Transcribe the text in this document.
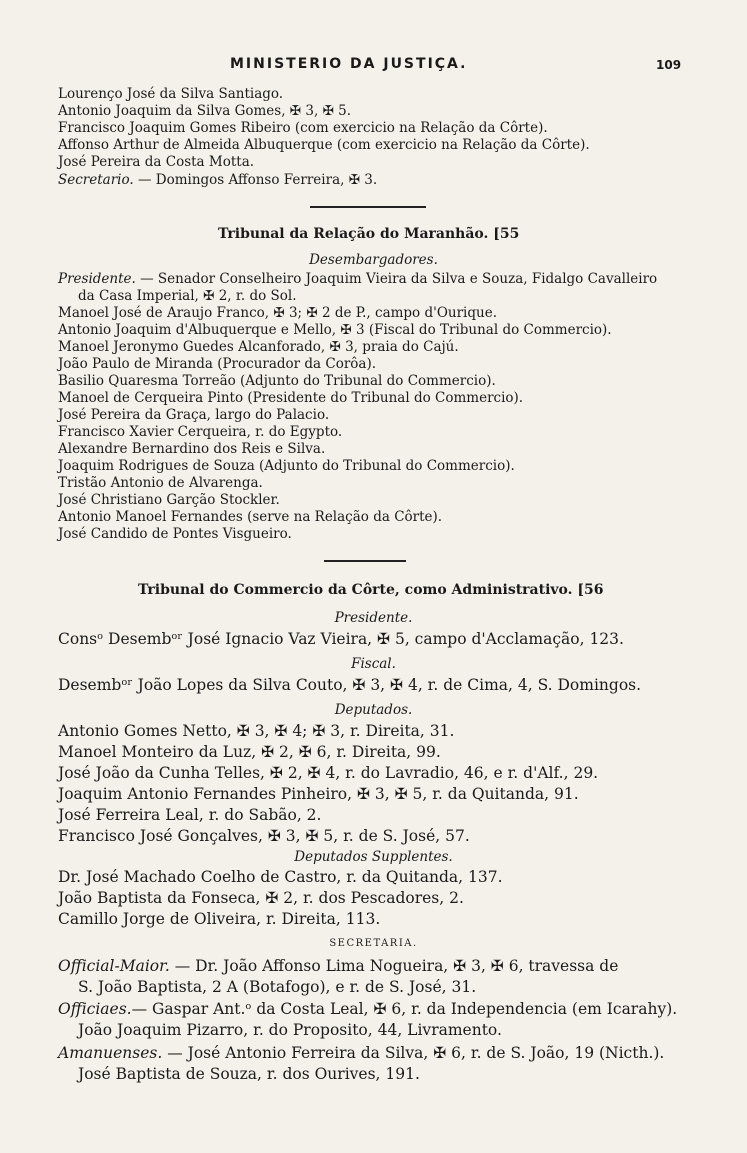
MINISTERIO DA JUSTIÇA.	109
Lourenço José da Silva Santiago.
Antonio Joaquim da Silva Gomes, ✠ 3, ✠ 5.
Francisco Joaquim Gomes Ribeiro (com exercicio na Relação da Côrte).
Affonso Arthur de Almeida Albuquerque (com exercicio na Relação da Côrte).
José Pereira da Costa Motta.
Secretario. — Domingos Affonso Ferreira, ✠ 3.
Tribunal da Relação do Maranhão. [55
Desembargadores.
Presidente. — Senador Conselheiro Joaquim Vieira da Silva e Souza, Fidalgo Cavalleiro
da Casa Imperial, ✠ 2, r. do Sol.
Manoel José de Araujo Franco, ✠ 3; ✠ 2 de P., campo d'Ourique.
Antonio Joaquim d'Albuquerque e Mello, ✠ 3 (Fiscal do Tribunal do Commercio).
Manoel Jeronymo Guedes Alcanforado, ✠ 3, praia do Cajú.
João Paulo de Miranda (Procurador da Corôa).
Basilio Quaresma Torreão (Adjunto do Tribunal do Commercio).
Manoel de Cerqueira Pinto (Presidente do Tribunal do Commercio).
José Pereira da Graça, largo do Palacio.
Francisco Xavier Cerqueira, r. do Egypto.
Alexandre Bernardino dos Reis e Silva.
Joaquim Rodrigues de Souza (Adjunto do Tribunal do Commercio).
Tristão Antonio de Alvarenga.
José Christiano Garção Stockler.
Antonio Manoel Fernandes (serve na Relação da Côrte).
José Candido de Pontes Visgueiro.
Tribunal do Commercio da Côrte, como Administrativo. [56
Presidente.
Consᵒ Desembᵒʳ José Ignacio Vaz Vieira, ✠ 5, campo d'Acclamação, 123.
Fiscal.
Desembᵒʳ João Lopes da Silva Couto, ✠ 3, ✠ 4, r. de Cima, 4, S. Domingos.
Deputados.
Antonio Gomes Netto, ✠ 3, ✠ 4; ✠ 3, r. Direita, 31.
Manoel Monteiro da Luz, ✠ 2, ✠ 6, r. Direita, 99.
José João da Cunha Telles, ✠ 2, ✠ 4, r. do Lavradio, 46, e r. d'Alf., 29.
Joaquim Antonio Fernandes Pinheiro, ✠ 3, ✠ 5, r. da Quitanda, 91.
José Ferreira Leal, r. do Sabão, 2.
Francisco José Gonçalves, ✠ 3, ✠ 5, r. de S. José, 57.
Deputados Supplentes.
Dr. José Machado Coelho de Castro, r. da Quitanda, 137.
João Baptista da Fonseca, ✠ 2, r. dos Pescadores, 2.
Camillo Jorge de Oliveira, r. Direita, 113.
SECRETARIA.
Official-Maior. — Dr. João Affonso Lima Nogueira, ✠ 3, ✠ 6, travessa de
S. João Baptista, 2 A (Botafogo), e r. de S. José, 31.
Officiaes.— Gaspar Ant.ᵒ da Costa Leal, ✠ 6, r. da Independencia (em Icarahy).
João Joaquim Pizarro, r. do Proposito, 44, Livramento.
Amanuenses. — José Antonio Ferreira da Silva, ✠ 6, r. de S. João, 19 (Nicth.).
José Baptista de Souza, r. dos Ourives, 191.
